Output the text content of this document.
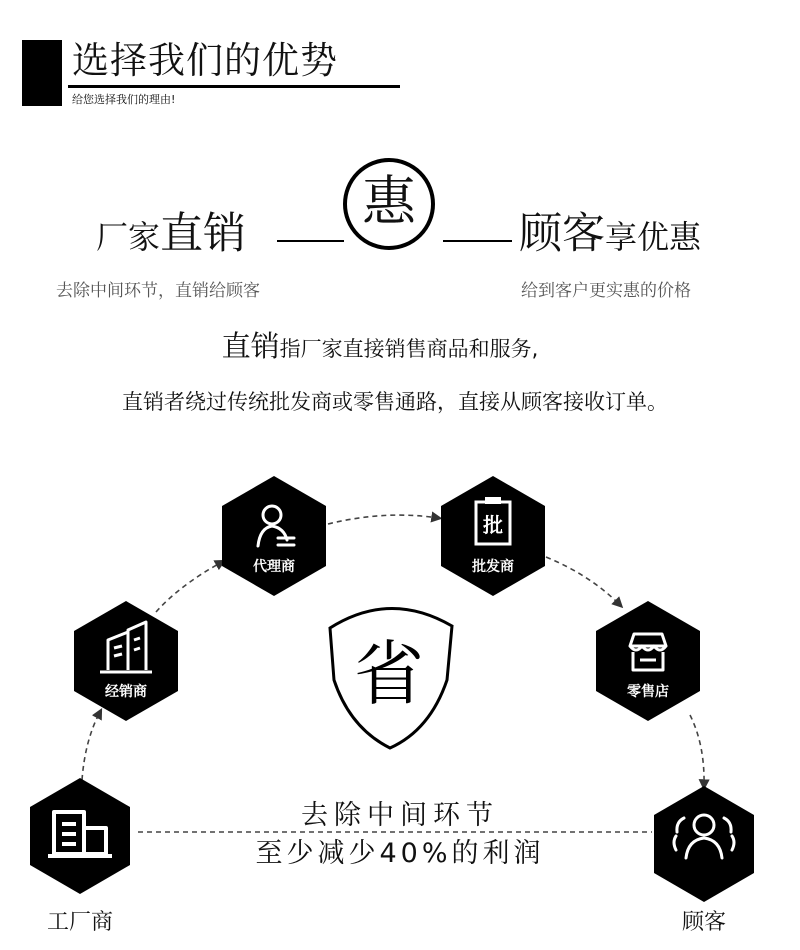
选择我们的优势
给您选择我们的理由!
厂家直销
惠
顾客享优惠
去除中间环节，直销给顾客	给到客户更实惠的价格
直销指厂家直接销售商品和服务,
直销者绕过传统批发商或零售通路，直接从顾客接收订单。
批
省
代理商	批发商
经销商	零售店
工厂商	顾客
去除中间环节
至少减少40%的利润
